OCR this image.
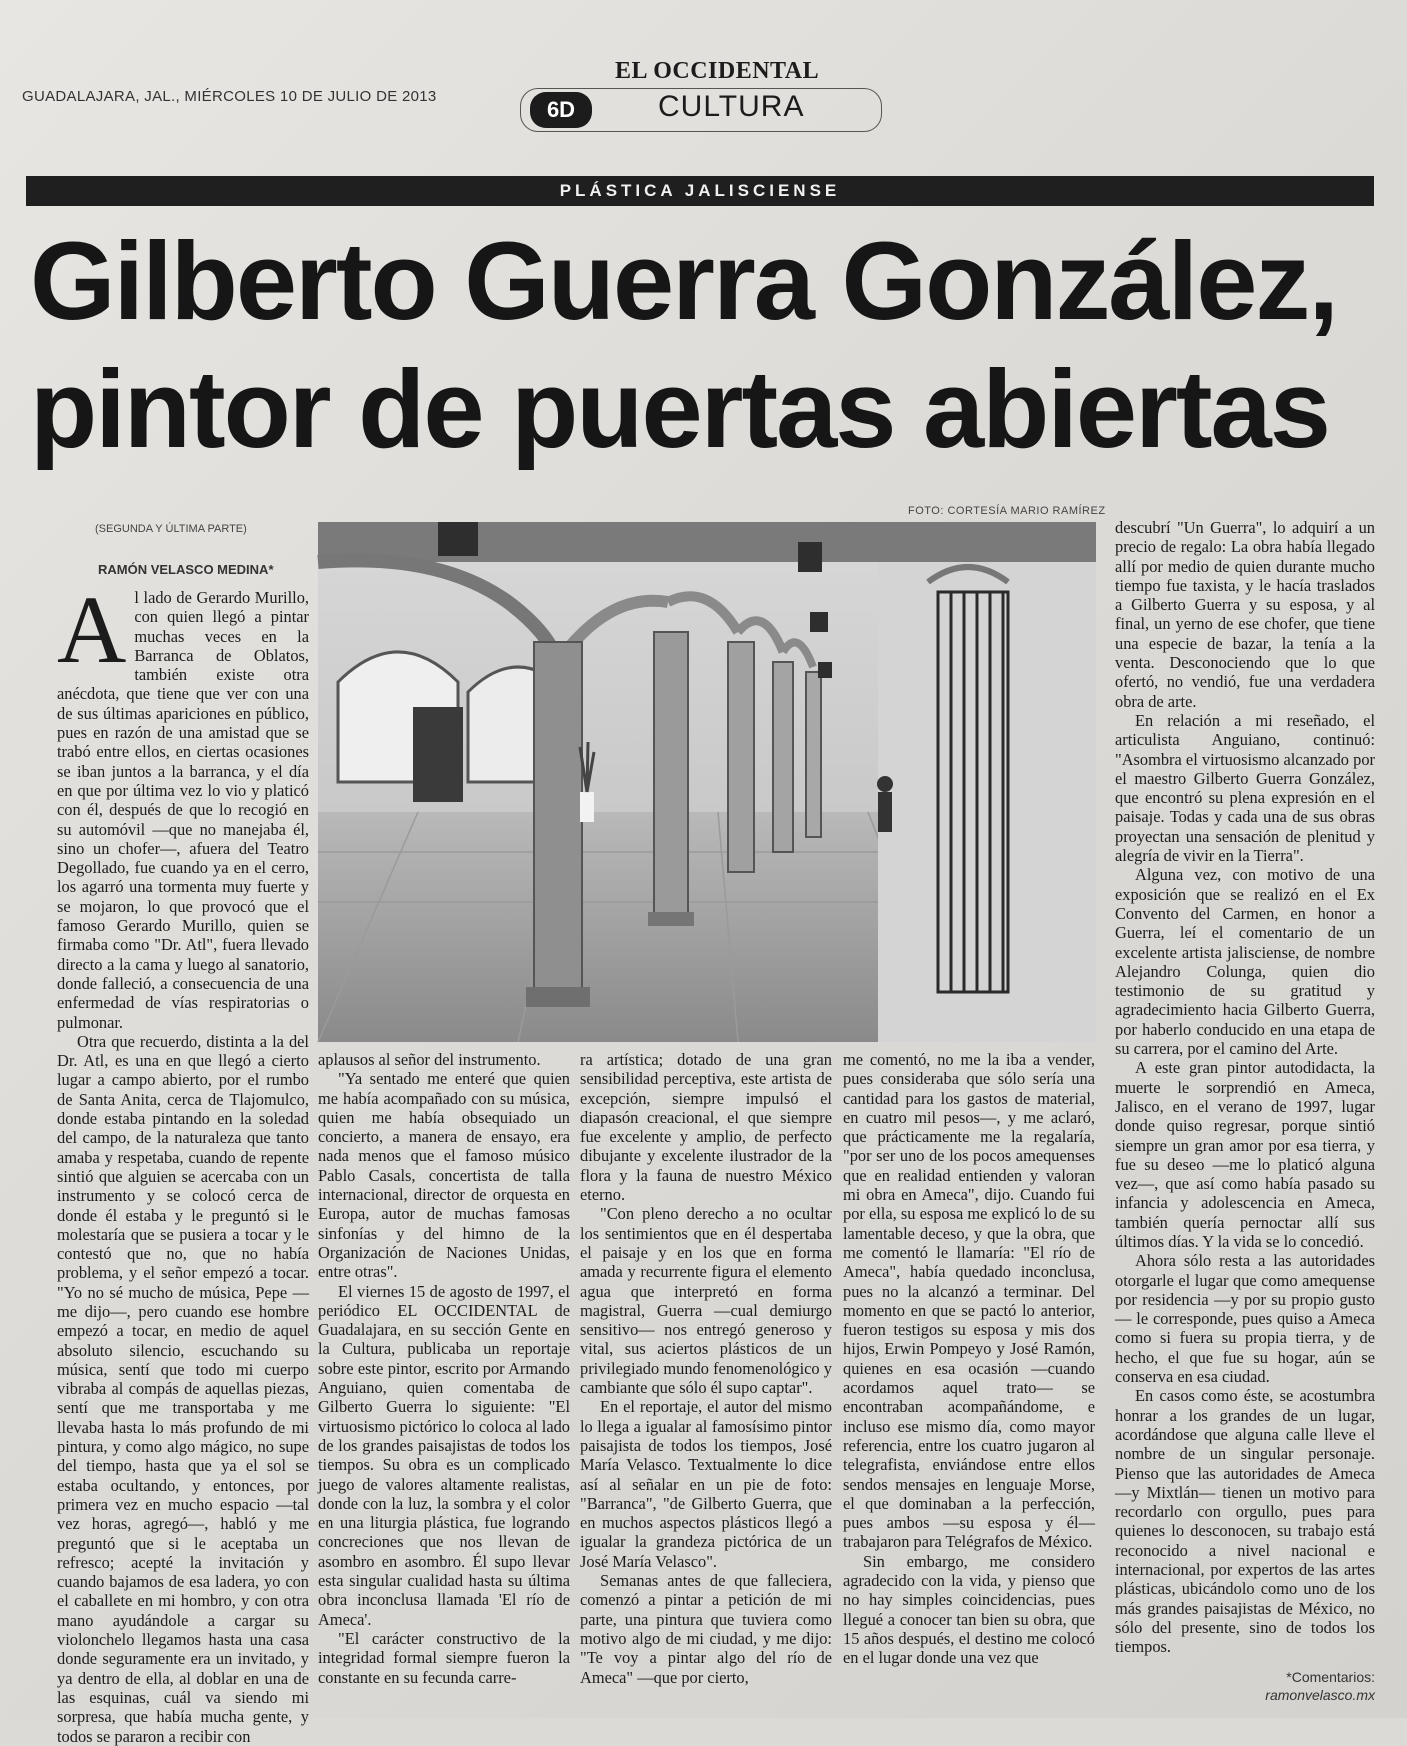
GUADALAJARA, JAL., MIÉRCOLES 10 DE JULIO DE 2013
EL OCCIDENTAL
6D	CULTURA
PLÁSTICA JALISCIENSE
Gilberto Guerra González,
pintor de puertas abiertas
FOTO: CORTESÍA MARIO RAMÍREZ
(SEGUNDA Y ÚLTIMA PARTE)
RAMÓN VELASCO MEDINA*

Al lado de Gerardo Murillo, con quien llegó a pintar muchas veces en la Barranca de Oblatos, también existe otra anécdota, que tiene que ver con una de sus últimas apariciones en público, pues en razón de una amistad que se trabó entre ellos, en ciertas ocasiones se iban juntos a la barranca, y el día en que por última vez lo vio y platicó con él, después de que lo recogió en su automóvil —que no manejaba él, sino un chofer—, afuera del Teatro Degollado, fue cuando ya en el cerro, los agarró una tormenta muy fuerte y se mojaron, lo que provocó que el famoso Gerardo Murillo, quien se firmaba como "Dr. Atl", fuera llevado directo a la cama y luego al sanatorio, donde falleció, a consecuencia de una enfermedad de vías respiratorias o pulmonar.

Otra que recuerdo, distinta a la del Dr. Atl, es una en que llegó a cierto lugar a campo abierto, por el rumbo de Santa Anita, cerca de Tlajomulco, donde estaba pintando en la soledad del campo, de la naturaleza que tanto amaba y respetaba, cuando de repente sintió que alguien se acercaba con un instrumento y se colocó cerca de donde él estaba y le preguntó si le molestaría que se pusiera a tocar y le contestó que no, que no había problema, y el señor empezó a tocar. "Yo no sé mucho de música, Pepe —me dijo—, pero cuando ese hombre empezó a tocar, en medio de aquel absoluto silencio, escuchando su música, sentí que todo mi cuerpo vibraba al compás de aquellas piezas, sentí que me transportaba y me llevaba hasta lo más profundo de mi pintura, y como algo mágico, no supe del tiempo, hasta que ya el sol se estaba ocultando, y entonces, por primera vez en mucho espacio —tal vez horas, agregó—, habló y me preguntó que si le aceptaba un refresco; acepté la invitación y cuando bajamos de esa ladera, yo con el caballete en mi hombro, y con otra mano ayudándole a cargar su violonchelo llegamos hasta una casa donde seguramente era un invitado, y ya dentro de ella, al doblar en una de las esquinas, cuál va siendo mi sorpresa, que había mucha gente, y todos se pararon a recibir con

aplausos al señor del instrumento.

"Ya sentado me enteré que quien me había acompañado con su música, quien me había obsequiado un concierto, a manera de ensayo, era nada menos que el famoso músico Pablo Casals, concertista de talla internacional, director de orquesta en Europa, autor de muchas famosas sinfonías y del himno de la Organización de Naciones Unidas, entre otras".

El viernes 15 de agosto de 1997, el periódico EL OCCIDENTAL de Guadalajara, en su sección Gente en la Cultura, publicaba un reportaje sobre este pintor, escrito por Armando Anguiano, quien comentaba de Gilberto Guerra lo siguiente: "El virtuosismo pictórico lo coloca al lado de los grandes paisajistas de todos los tiempos. Su obra es un complicado juego de valores altamente realistas, donde con la luz, la sombra y el color en una liturgia plástica, fue logrando concreciones que nos llevan de asombro en asombro. Él supo llevar esta singular cualidad hasta su última obra inconclusa llamada 'El río de Ameca'.

"El carácter constructivo de la integridad formal siempre fueron la constante en su fecunda carre-

ra artística; dotado de una gran sensibilidad perceptiva, este artista de excepción, siempre impulsó el diapasón creacional, el que siempre fue excelente y amplio, de perfecto dibujante y excelente ilustrador de la flora y la fauna de nuestro México eterno.

"Con pleno derecho a no ocultar los sentimientos que en él despertaba el paisaje y en los que en forma amada y recurrente figura el elemento agua que interpretó en forma magistral, Guerra —cual demiurgo sensitivo— nos entregó generoso y vital, sus aciertos plásticos de un privilegiado mundo fenomenológico y cambiante que sólo él supo captar".

En el reportaje, el autor del mismo lo llega a igualar al famosísimo pintor paisajista de todos los tiempos, José María Velasco. Textualmente lo dice así al señalar en un pie de foto: "Barranca", "de Gilberto Guerra, que en muchos aspectos plásticos llegó a igualar la grandeza pictórica de un José María Velasco".

Semanas antes de que falleciera, comenzó a pintar a petición de mi parte, una pintura que tuviera como motivo algo de mi ciudad, y me dijo: "Te voy a pintar algo del río de Ameca" —que por cierto,

me comentó, no me la iba a vender, pues consideraba que sólo sería una cantidad para los gastos de material, en cuatro mil pesos—, y me aclaró, que prácticamente me la regalaría, "por ser uno de los pocos amequenses que en realidad entienden y valoran mi obra en Ameca", dijo. Cuando fui por ella, su esposa me explicó lo de su lamentable deceso, y que la obra, que me comentó le llamaría: "El río de Ameca", había quedado inconclusa, pues no la alcanzó a terminar. Del momento en que se pactó lo anterior, fueron testigos su esposa y mis dos hijos, Erwin Pompeyo y José Ramón, quienes en esa ocasión —cuando acordamos aquel trato— se encontraban acompañándome, e incluso ese mismo día, como mayor referencia, entre los cuatro jugaron al telegrafista, enviándose entre ellos sendos mensajes en lenguaje Morse, el que dominaban a la perfección, pues ambos —su esposa y él— trabajaron para Telégrafos de México.

Sin embargo, me considero agradecido con la vida, y pienso que no hay simples coincidencias, pues llegué a conocer tan bien su obra, que 15 años después, el destino me colocó en el lugar donde una vez que

descubrí "Un Guerra", lo adquirí a un precio de regalo: La obra había llegado allí por medio de quien durante mucho tiempo fue taxista, y le hacía traslados a Gilberto Guerra y su esposa, y al final, un yerno de ese chofer, que tiene una especie de bazar, la tenía a la venta. Desconociendo que lo que ofertó, no vendió, fue una verdadera obra de arte.

En relación a mi reseñado, el articulista Anguiano, continuó: "Asombra el virtuosismo alcanzado por el maestro Gilberto Guerra González, que encontró su plena expresión en el paisaje. Todas y cada una de sus obras proyectan una sensación de plenitud y alegría de vivir en la Tierra".

Alguna vez, con motivo de una exposición que se realizó en el Ex Convento del Carmen, en honor a Guerra, leí el comentario de un excelente artista jalisciense, de nombre Alejandro Colunga, quien dio testimonio de su gratitud y agradecimiento hacia Gilberto Guerra, por haberlo conducido en una etapa de su carrera, por el camino del Arte.

A este gran pintor autodidacta, la muerte le sorprendió en Ameca, Jalisco, en el verano de 1997, lugar donde quiso regresar, porque sintió siempre un gran amor por esa tierra, y fue su deseo —me lo platicó alguna vez—, que así como había pasado su infancia y adolescencia en Ameca, también quería pernoctar allí sus últimos días. Y la vida se lo concedió.

Ahora sólo resta a las autoridades otorgarle el lugar que como amequense por residencia —y por su propio gusto— le corresponde, pues quiso a Ameca como si fuera su propia tierra, y de hecho, el que fue su hogar, aún se conserva en esa ciudad.

En casos como éste, se acostumbra honrar a los grandes de un lugar, acordándose que alguna calle lleve el nombre de un singular personaje. Pienso que las autoridades de Ameca —y Mixtlán— tienen un motivo para recordarlo con orgullo, pues para quienes lo desconocen, su trabajo está reconocido a nivel nacional e internacional, por expertos de las artes plásticas, ubicándolo como uno de los más grandes paisajistas de México, no sólo del presente, sino de todos los tiempos.

*Comentarios:
ramonvelasco.mx
